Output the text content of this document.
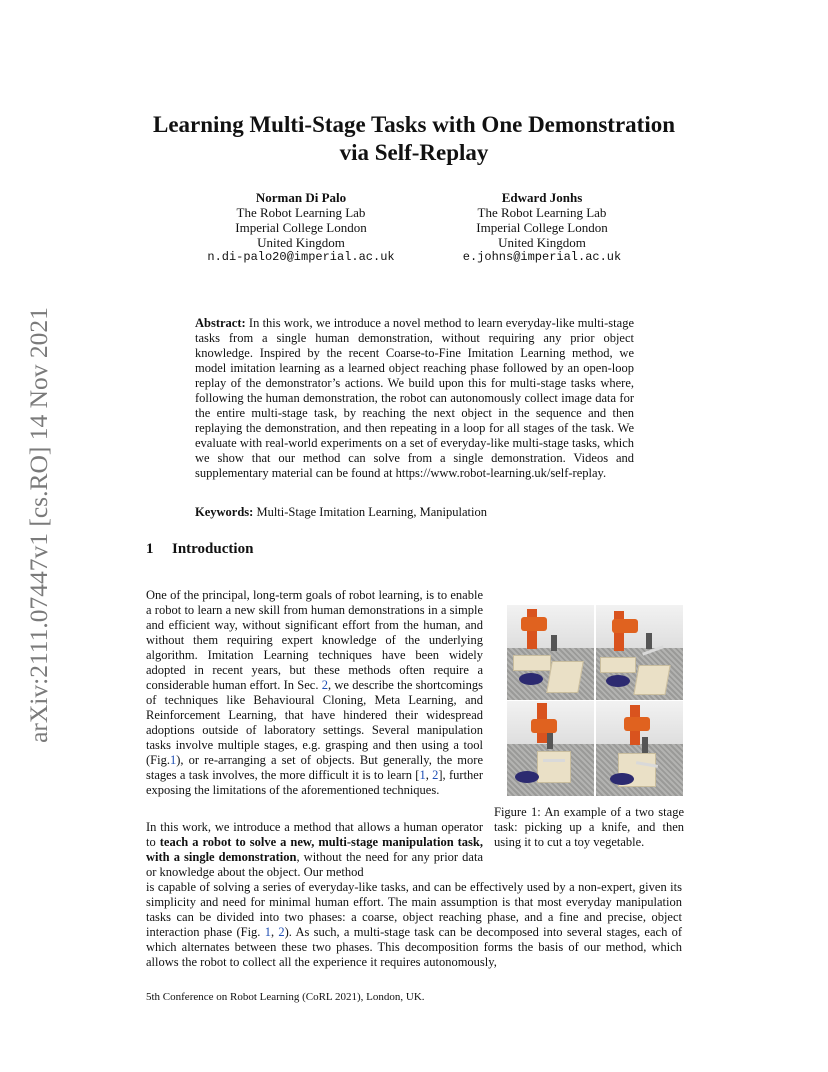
arXiv:2111.07447v1 [cs.RO] 14 Nov 2021
Learning Multi-Stage Tasks with One Demonstration
via Self-Replay
Norman Di Palo
The Robot Learning Lab
Imperial College London
United Kingdom
n.di-palo20@imperial.ac.uk
Edward Jonhs
The Robot Learning Lab
Imperial College London
United Kingdom
e.johns@imperial.ac.uk
Abstract: In this work, we introduce a novel method to learn everyday-like multi-stage tasks from a single human demonstration, without requiring any prior object knowledge. Inspired by the recent Coarse-to-Fine Imitation Learning method, we model imitation learning as a learned object reaching phase followed by an open-loop replay of the demonstrator’s actions. We build upon this for multi-stage tasks where, following the human demonstration, the robot can autonomously collect image data for the entire multi-stage task, by reaching the next object in the sequence and then replaying the demonstration, and then repeating in a loop for all stages of the task. We evaluate with real-world experiments on a set of everyday-like multi-stage tasks, which we show that our method can solve from a single demonstration. Videos and supplementary material can be found at https://www.robot-learning.uk/self-replay.
Keywords: Multi-Stage Imitation Learning, Manipulation
1 Introduction
One of the principal, long-term goals of robot learning, is to enable a robot to learn a new skill from human demonstrations in a simple and efficient way, without significant effort from the human, and without them requiring expert knowledge of the underlying algorithm. Imitation Learning techniques have been widely adopted in recent years, but these methods often require a considerable human effort. In Sec. 2, we describe the shortcomings of techniques like Behavioural Cloning, Meta Learning, and Reinforcement Learning, that have hindered their widespread adoptions outside of laboratory settings. Several manipulation tasks involve multiple stages, e.g. grasping and then using a tool (Fig.1), or re-arranging a set of objects. But generally, the more stages a task involves, the more difficult it is to learn [1, 2], further exposing the limitations of the aforementioned techniques.
Figure 1: An example of a two stage task: picking up a knife, and then using it to cut a toy vegetable.
In this work, we introduce a method that allows a human operator to teach a robot to solve a new, multi-stage manipulation task, with a single demonstration, without the need for any prior data or knowledge about the object. Our method
is capable of solving a series of everyday-like tasks, and can be effectively used by a non-expert, given its simplicity and need for minimal human effort. The main assumption is that most everyday manipulation tasks can be divided into two phases: a coarse, object reaching phase, and a fine and precise, object interaction phase (Fig. 1, 2). As such, a multi-stage task can be decomposed into several stages, each of which alternates between these two phases. This decomposition forms the basis of our method, which allows the robot to collect all the experience it requires autonomously,
5th Conference on Robot Learning (CoRL 2021), London, UK.
